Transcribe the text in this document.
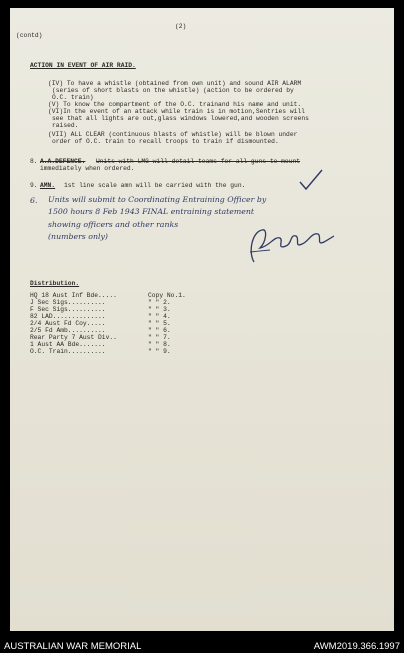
(contd)
(2)
ACTION IN EVENT OF AIR RAID.
(IV) To have a whistle (obtained from own unit) and sound AIR ALARM
(series of short blasts on the whistle) (action to be ordered by
O.C. train)
(V) To know the compartment of the O.C. trainand his name and unit.
(VI)In the event of an attack while train is in motion,Sentries will
see that all lights are out,glass windows lowered,and wooden screens
raised.
(VII) ALL CLEAR (continuous blasts of whistle) will be blown under
order of O.C. train to recall troops to train if dismounted.
8. A.A.DEFENCE. Units with LMG will detail teams for all guns to mount
immediately when ordered.
9. AMN. 1st line scale amn will be carried with the gun.
6. Units will submit to Coordinating Entraining Officer by
1500 hours 8 Feb 1943 FINAL entraining statement
showing officers and other ranks
(numbers only)
Distribution.
HQ 18 Aust Inf Bde.....	Copy No.1.
J Sec Sigs..........	" " 2.
F Sec Sigs..........	" " 3.
82 LAD..............	" " 4.
2/4 Aust Fd Coy.....	" " 5.
2/5 Fd Amb..........	" " 6.
Rear Party 7 Aust Div..	" " 7.
1 Aust AA Bde.......	" " 8.
O.C. Train..........	" " 9.
AUSTRALIAN WAR MEMORIAL	AWM2019.366.1997
